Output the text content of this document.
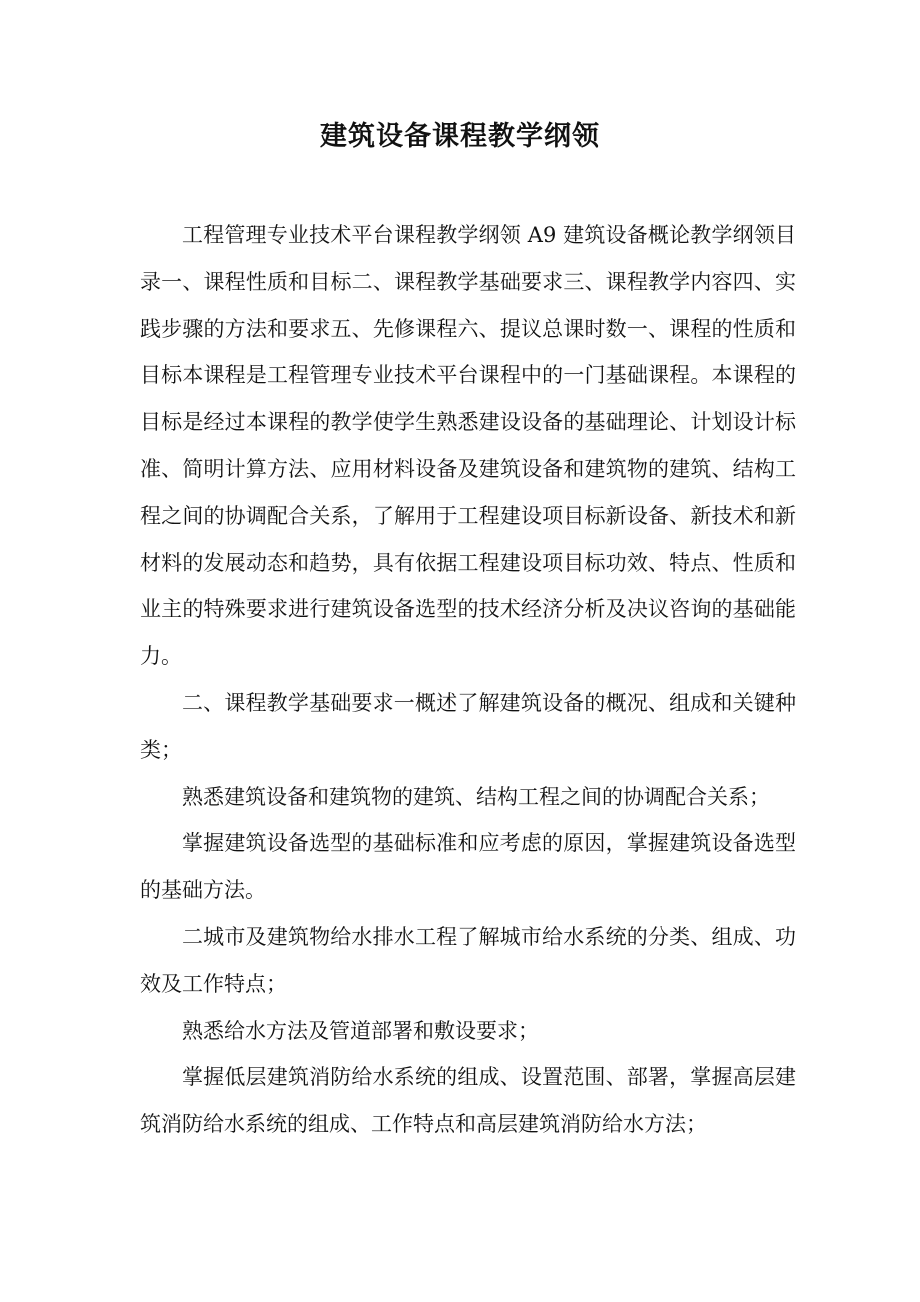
建筑设备课程教学纲领

工程管理专业技术平台课程教学纲领 A9 建筑设备概论教学纲领目录一、课程性质和目标二、课程教学基础要求三、课程教学内容四、实践步骤的方法和要求五、先修课程六、提议总课时数一、课程的性质和目标本课程是工程管理专业技术平台课程中的一门基础课程。本课程的目标是经过本课程的教学使学生熟悉建设设备的基础理论、计划设计标准、简明计算方法、应用材料设备及建筑设备和建筑物的建筑、结构工程之间的协调配合关系，了解用于工程建设项目标新设备、新技术和新材料的发展动态和趋势，具有依据工程建设项目标功效、特点、性质和业主的特殊要求进行建筑设备选型的技术经济分析及决议咨询的基础能力。

二、课程教学基础要求一概述了解建筑设备的概况、组成和关键种类；

熟悉建筑设备和建筑物的建筑、结构工程之间的协调配合关系；

掌握建筑设备选型的基础标准和应考虑的原因，掌握建筑设备选型的基础方法。

二城市及建筑物给水排水工程了解城市给水系统的分类、组成、功效及工作特点；

熟悉给水方法及管道部署和敷设要求；

掌握低层建筑消防给水系统的组成、设置范围、部署，掌握高层建筑消防给水系统的组成、工作特点和高层建筑消防给水方法；
